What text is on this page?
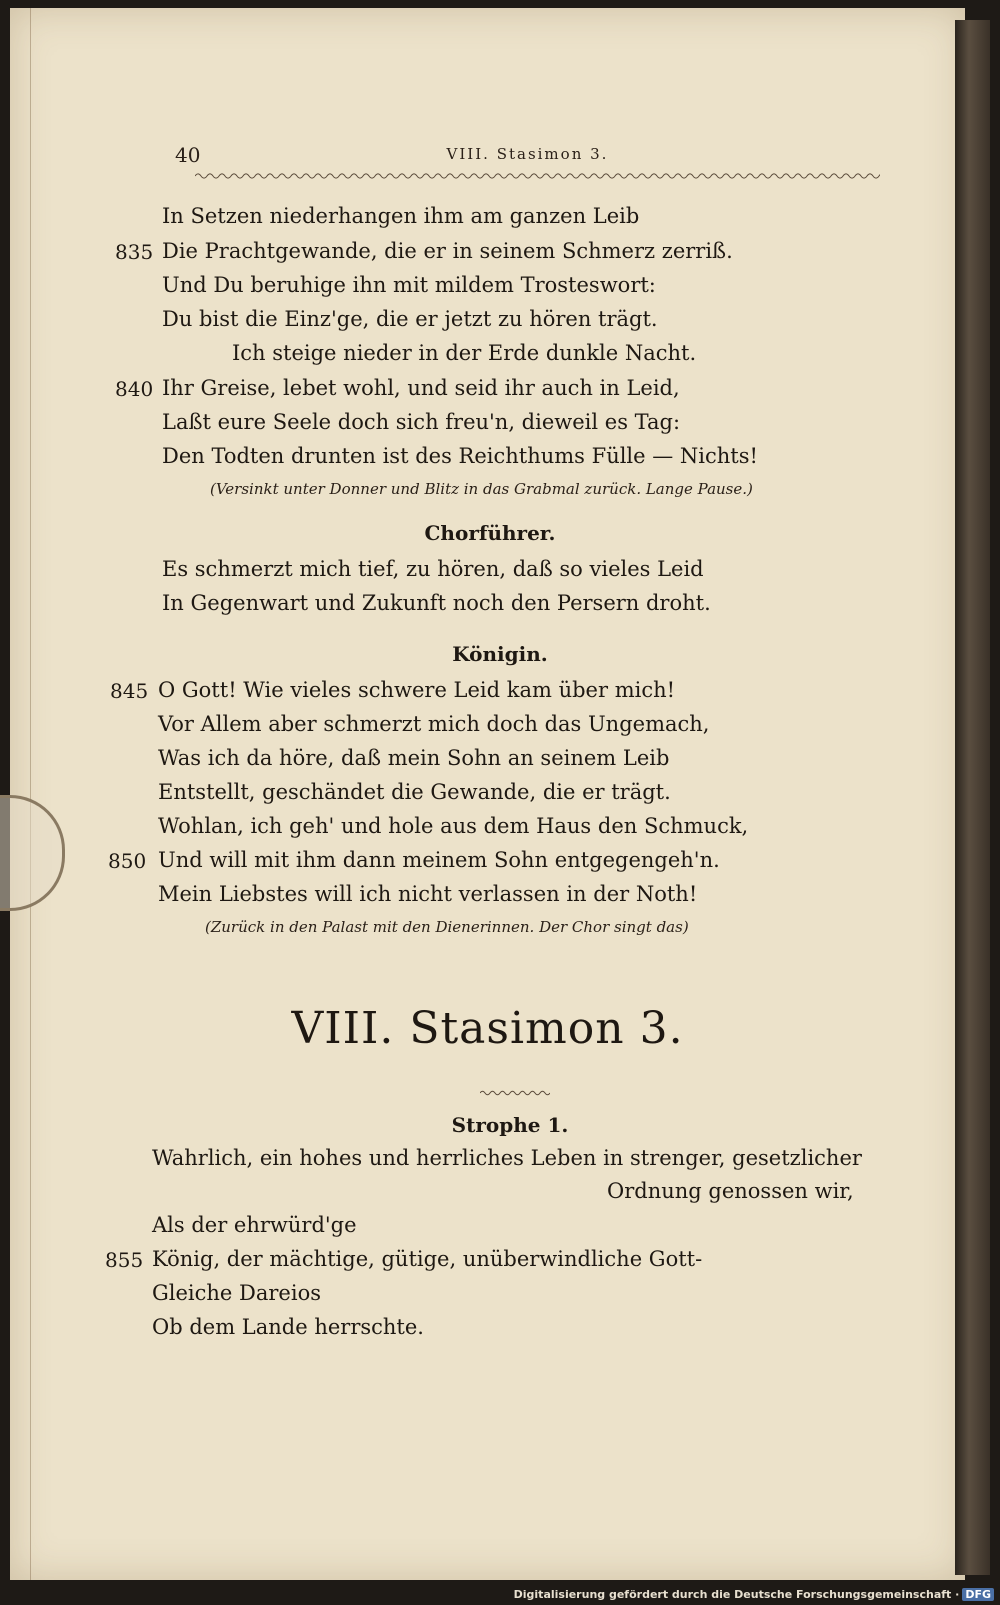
40	VIII. Stasimon 3.
835
In Setzen niederhangen ihm am ganzen Leib
Die Prachtgewande, die er in seinem Schmerz zerriß.
Und Du beruhige ihn mit mildem Trosteswort:
Du bist die Einz'ge, die er jetzt zu hören trägt.
Ich steige nieder in der Erde dunkle Nacht.
840 Ihr Greise, lebet wohl, und seid ihr auch in Leid,
Laßt eure Seele doch sich freu'n, dieweil es Tag:
Den Todten drunten ist des Reichthums Fülle — Nichts!
(Versinkt unter Donner und Blitz in das Grabmal zurück. Lange Pause.)
Chorführer.
Es schmerzt mich tief, zu hören, daß so vieles Leid
In Gegenwart und Zukunft noch den Persern droht.
Königin.
845 O Gott! Wie vieles schwere Leid kam über mich!
Vor Allem aber schmerzt mich doch das Ungemach,
Was ich da höre, daß mein Sohn an seinem Leib
Entstellt, geschändet die Gewande, die er trägt.
Wohlan, ich geh' und hole aus dem Haus den Schmuck,
850 Und will mit ihm dann meinem Sohn entgegengeh'n.
Mein Liebstes will ich nicht verlassen in der Noth!
(Zurück in den Palast mit den Dienerinnen. Der Chor singt das)
VIII. Stasimon 3.
Strophe 1.
Wahrlich, ein hohes und herrliches Leben in strenger, gesetzlicher
Ordnung genossen wir,
Als der ehrwürd'ge
855 König, der mächtige, gütige, unüberwindliche Gott-
Gleiche Dareios
Ob dem Lande herrschte.
Digitalisierung gefördert durch die Deutsche Forschungsgemeinschaft · DFG
